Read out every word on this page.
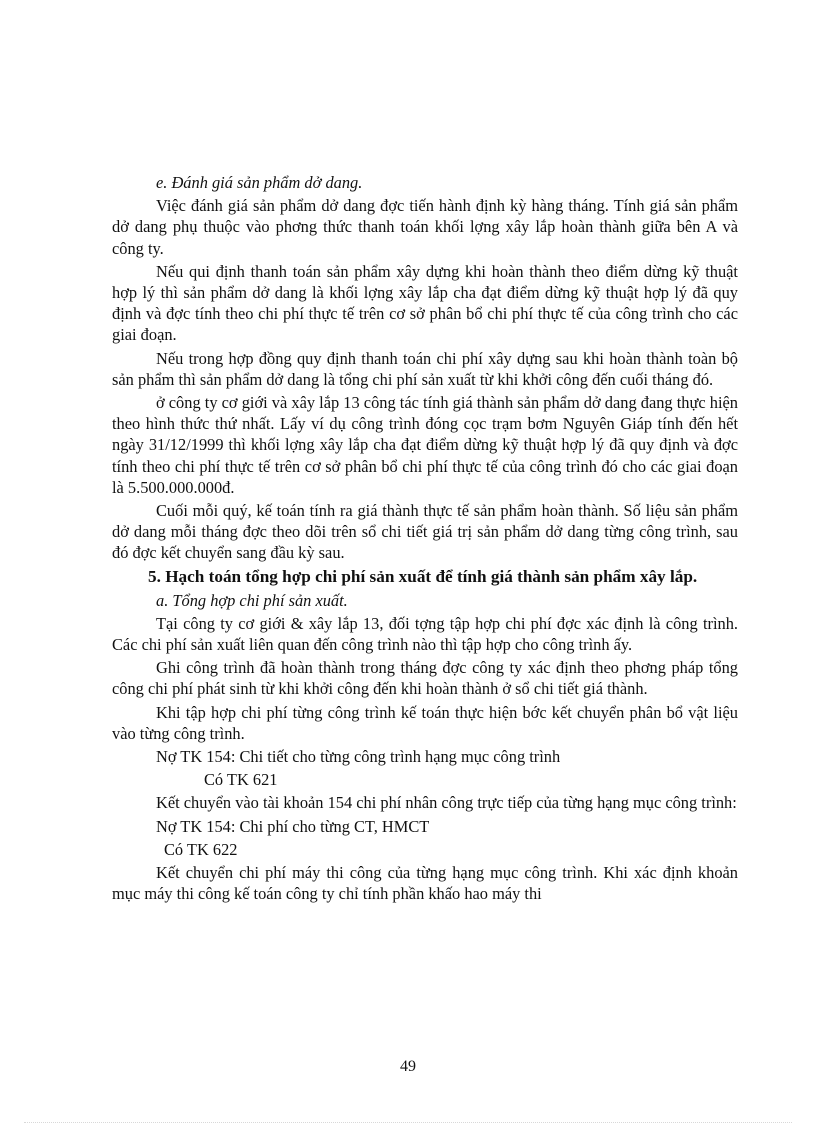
e. Đánh giá sản phẩm dở dang.

Việc đánh giá sản phẩm dở dang đợc tiến hành định kỳ hàng tháng. Tính giá sản phẩm dở dang phụ thuộc vào phơng thức thanh toán khối lợng xây lắp hoàn thành giữa bên A và công ty.

Nếu qui định thanh toán sản phẩm xây dựng khi hoàn thành theo điểm dừng kỹ thuật hợp lý thì sản phẩm dở dang là khối lợng xây lắp cha đạt điểm dừng kỹ thuật hợp lý đã quy định và đợc tính theo chi phí thực tế trên cơ sở phân bổ chi phí thực tế của công trình cho các giai đoạn.

Nếu trong hợp đồng quy định thanh toán chi phí xây dựng sau khi hoàn thành toàn bộ sản phẩm thì sản phẩm dở dang là tổng chi phí sản xuất từ khi khởi công đến cuối tháng đó.

ở công ty cơ giới và xây lắp 13 công tác tính giá thành sản phẩm dở dang đang thực hiện theo hình thức thứ nhất. Lấy ví dụ công trình đóng cọc trạm bơm Nguyên Giáp tính đến hết ngày 31/12/1999 thì khối lợng xây lắp cha đạt điểm dừng kỹ thuật hợp lý đã quy định và đợc tính theo chi phí thực tế trên cơ sở phân bổ chi phí thực tế của công trình đó cho các giai đoạn là 5.500.000.000đ.

Cuối mỗi quý, kế toán tính ra giá thành thực tế sản phẩm hoàn thành. Số liệu sản phẩm dở dang mỗi tháng đợc theo dõi trên sổ chi tiết giá trị sản phẩm dở dang từng công trình, sau đó đợc kết chuyển sang đầu kỳ sau.

5. Hạch toán tổng hợp chi phí sản xuất để tính giá thành sản phẩm xây lắp.

a. Tổng hợp chi phí sản xuất.

Tại công ty cơ giới & xây lắp 13, đối tợng tập hợp chi phí đợc xác định là công trình. Các chi phí sản xuất liên quan đến công trình nào thì tập hợp cho công trình ấy.

Ghi công trình đã hoàn thành trong tháng đợc công ty xác định theo phơng pháp tổng công chi phí phát sinh từ khi khởi công đến khi hoàn thành ở sổ chi tiết giá thành.

Khi tập hợp chi phí từng công trình kế toán thực hiện bớc kết chuyển phân bổ vật liệu vào từng công trình.

Nợ TK 154: Chi tiết cho từng công trình hạng mục công trình

Có TK 621

Kết chuyển vào tài khoản 154 chi phí nhân công trực tiếp của từng hạng mục công trình:

Nợ TK 154: Chi phí cho từng CT, HMCT

Có TK 622

Kết chuyển chi phí máy thi công của từng hạng mục công trình. Khi xác định khoản mục máy thi công kế toán công ty chỉ tính phần khấo hao máy thi

49
